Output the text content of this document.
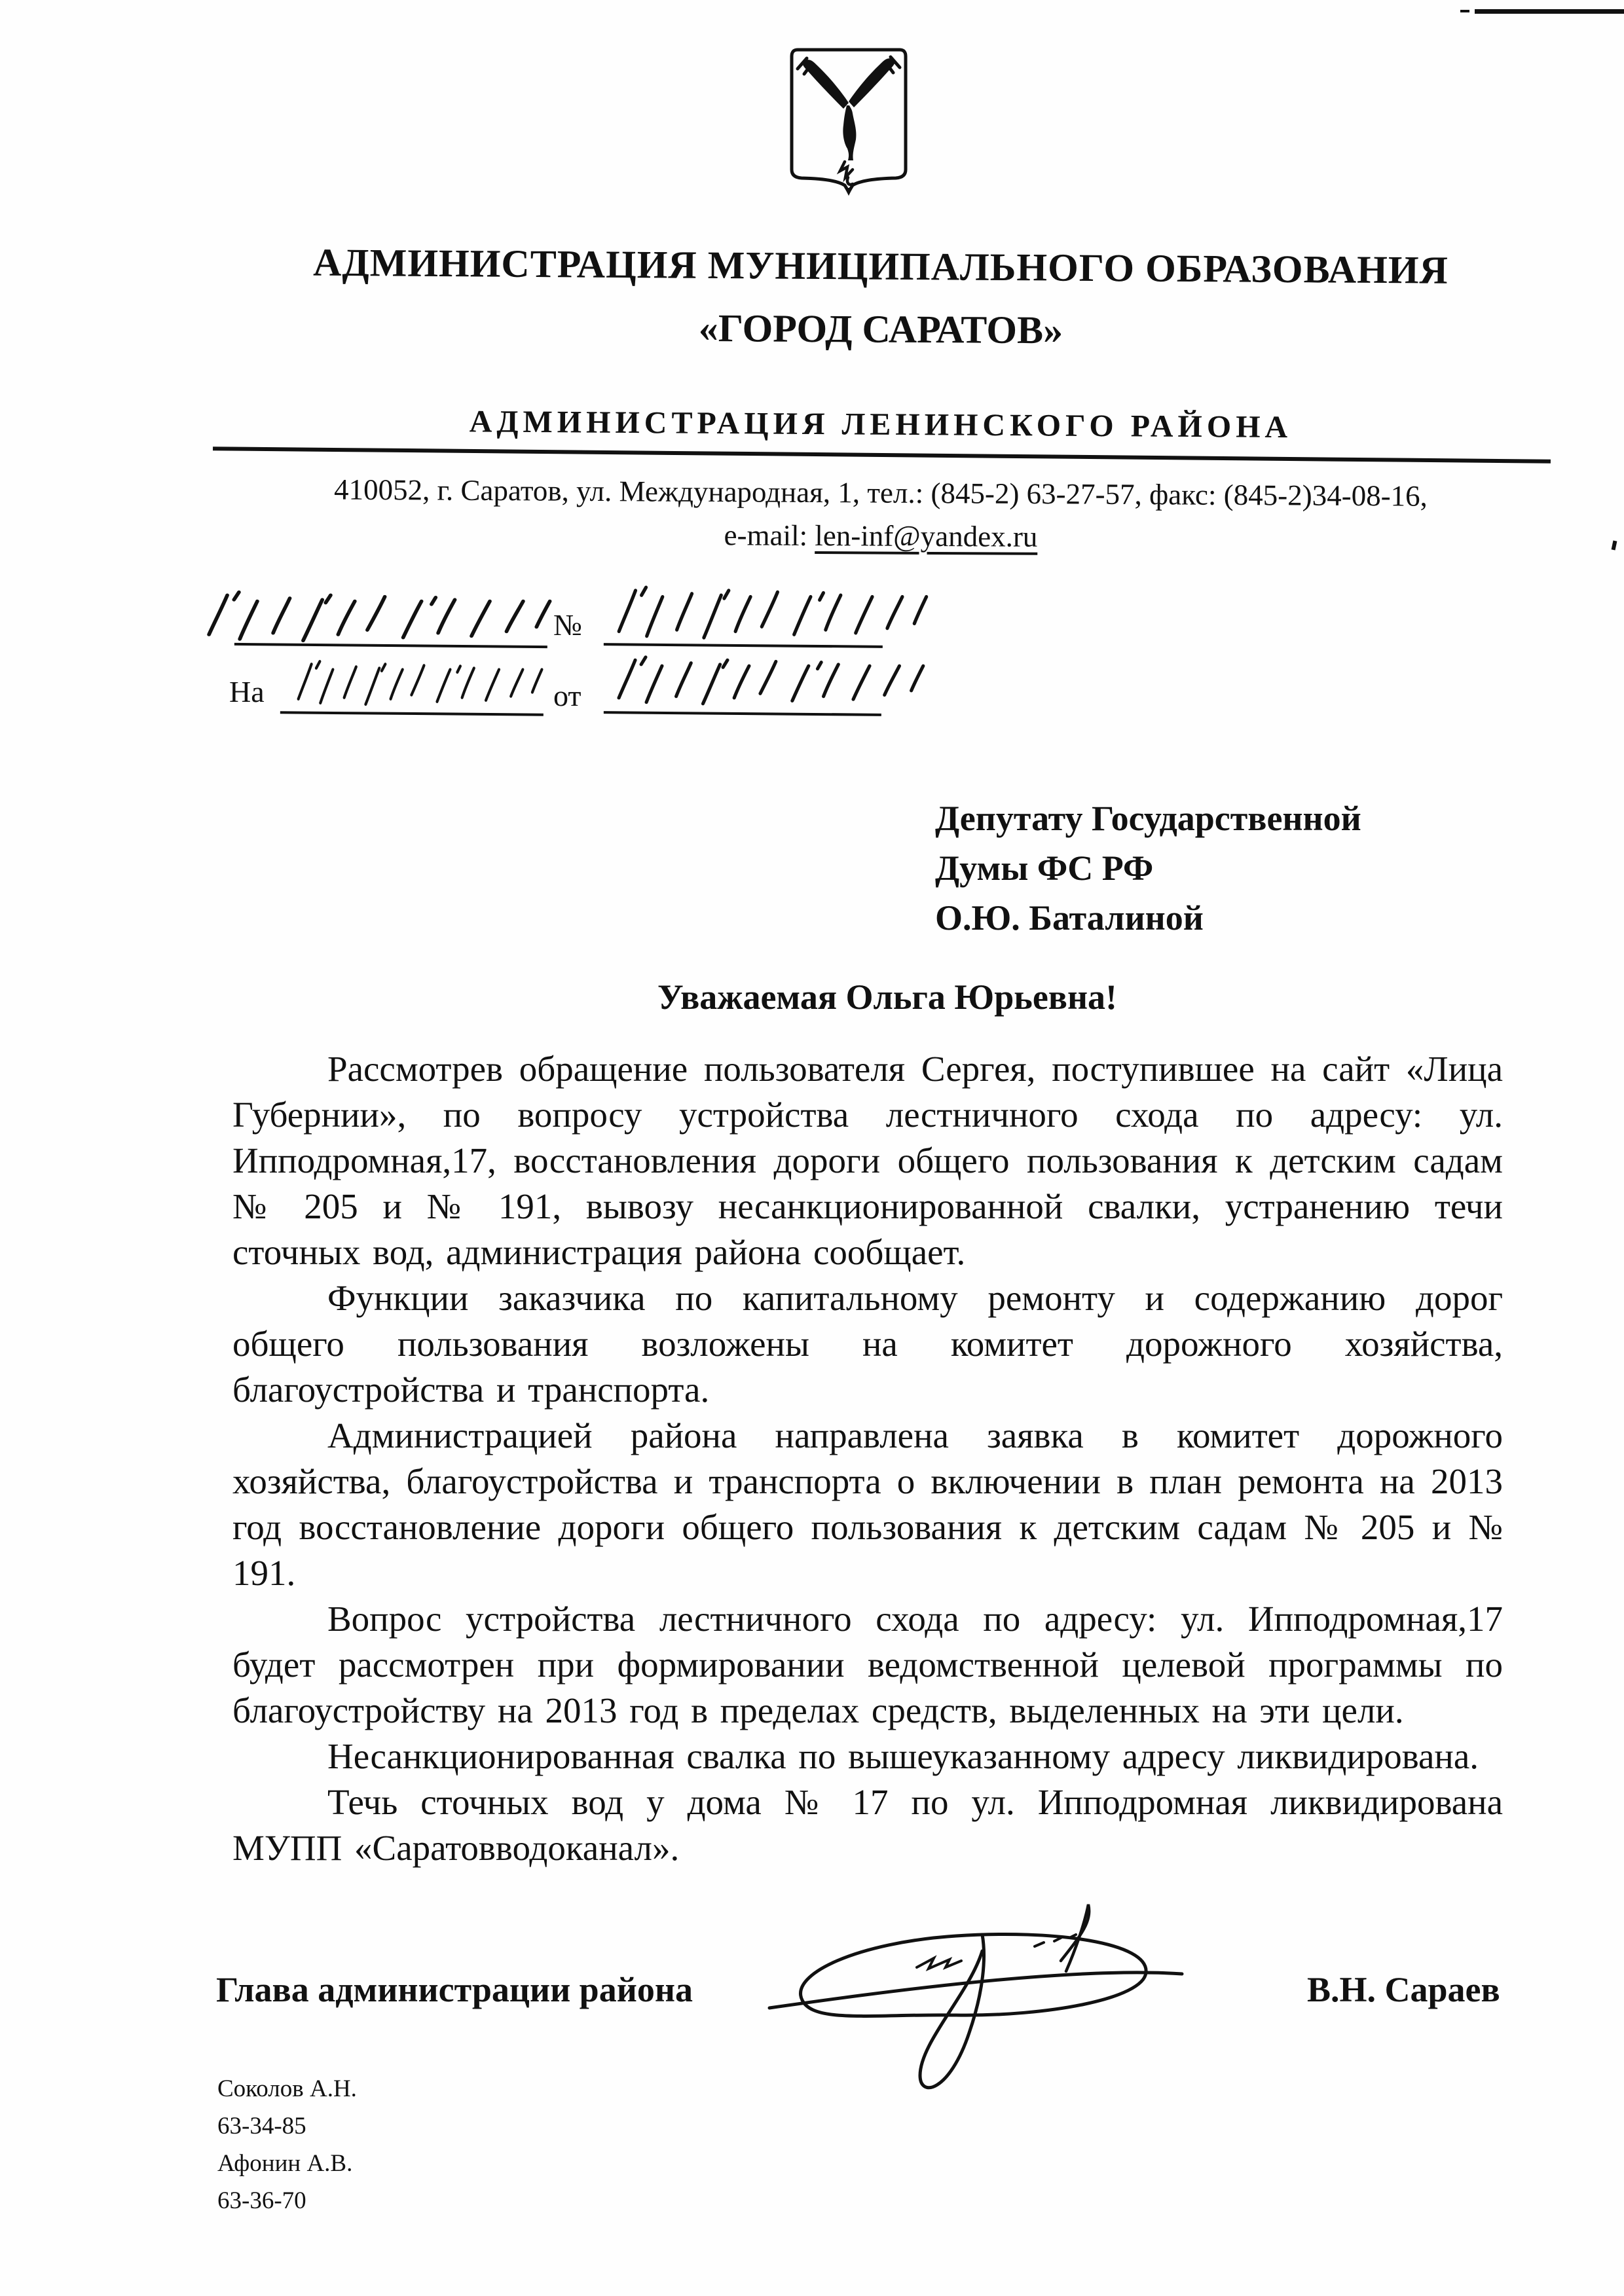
АДМИНИСТРАЦИЯ МУНИЦИПАЛЬНОГО ОБРАЗОВАНИЯ
«ГОРОД САРАТОВ»
АДМИНИСТРАЦИЯ ЛЕНИНСКОГО РАЙОНА
410052, г. Саратов, ул. Международная, 1, тел.: (845-2) 63-27-57, факс: (845-2)34-08-16,
e-mail: len-inf@yandex.ru
№
На	от
Депутату Государственной
Думы ФС РФ
О.Ю. Баталиной
Уважаемая Ольга Юрьевна!

Рассмотрев обращение пользователя Сергея, поступившее на сайт «Лица Губернии», по вопросу устройства лестничного схода по адресу: ул. Ипподромная,17, восстановления дороги общего пользования к детским садам № 205 и № 191, вывозу несанкционированной свалки, устранению течи сточных вод, администрация района сообщает.

Функции заказчика по капитальному ремонту и содержанию дорог общего пользования возложены на комитет дорожного хозяйства, благоустройства и транспорта.

Администрацией района направлена заявка в комитет дорожного хозяйства, благоустройства и транспорта о включении в план ремонта на 2013 год восстановление дороги общего пользования к детским садам № 205 и № 191.

Вопрос устройства лестничного схода по адресу: ул. Ипподромная,17 будет рассмотрен при формировании ведомственной целевой программы по благоустройству на 2013 год в пределах средств, выделенных на эти цели.

Несанкционированная свалка по вышеуказанному адресу ликвидирована.

Течь сточных вод у дома № 17 по ул. Ипподромная ликвидирована МУПП «Саратовводоканал».

Глава администрации района	В.Н. Сараев
Соколов А.Н.
63-34-85
Афонин А.В.
63-36-70
